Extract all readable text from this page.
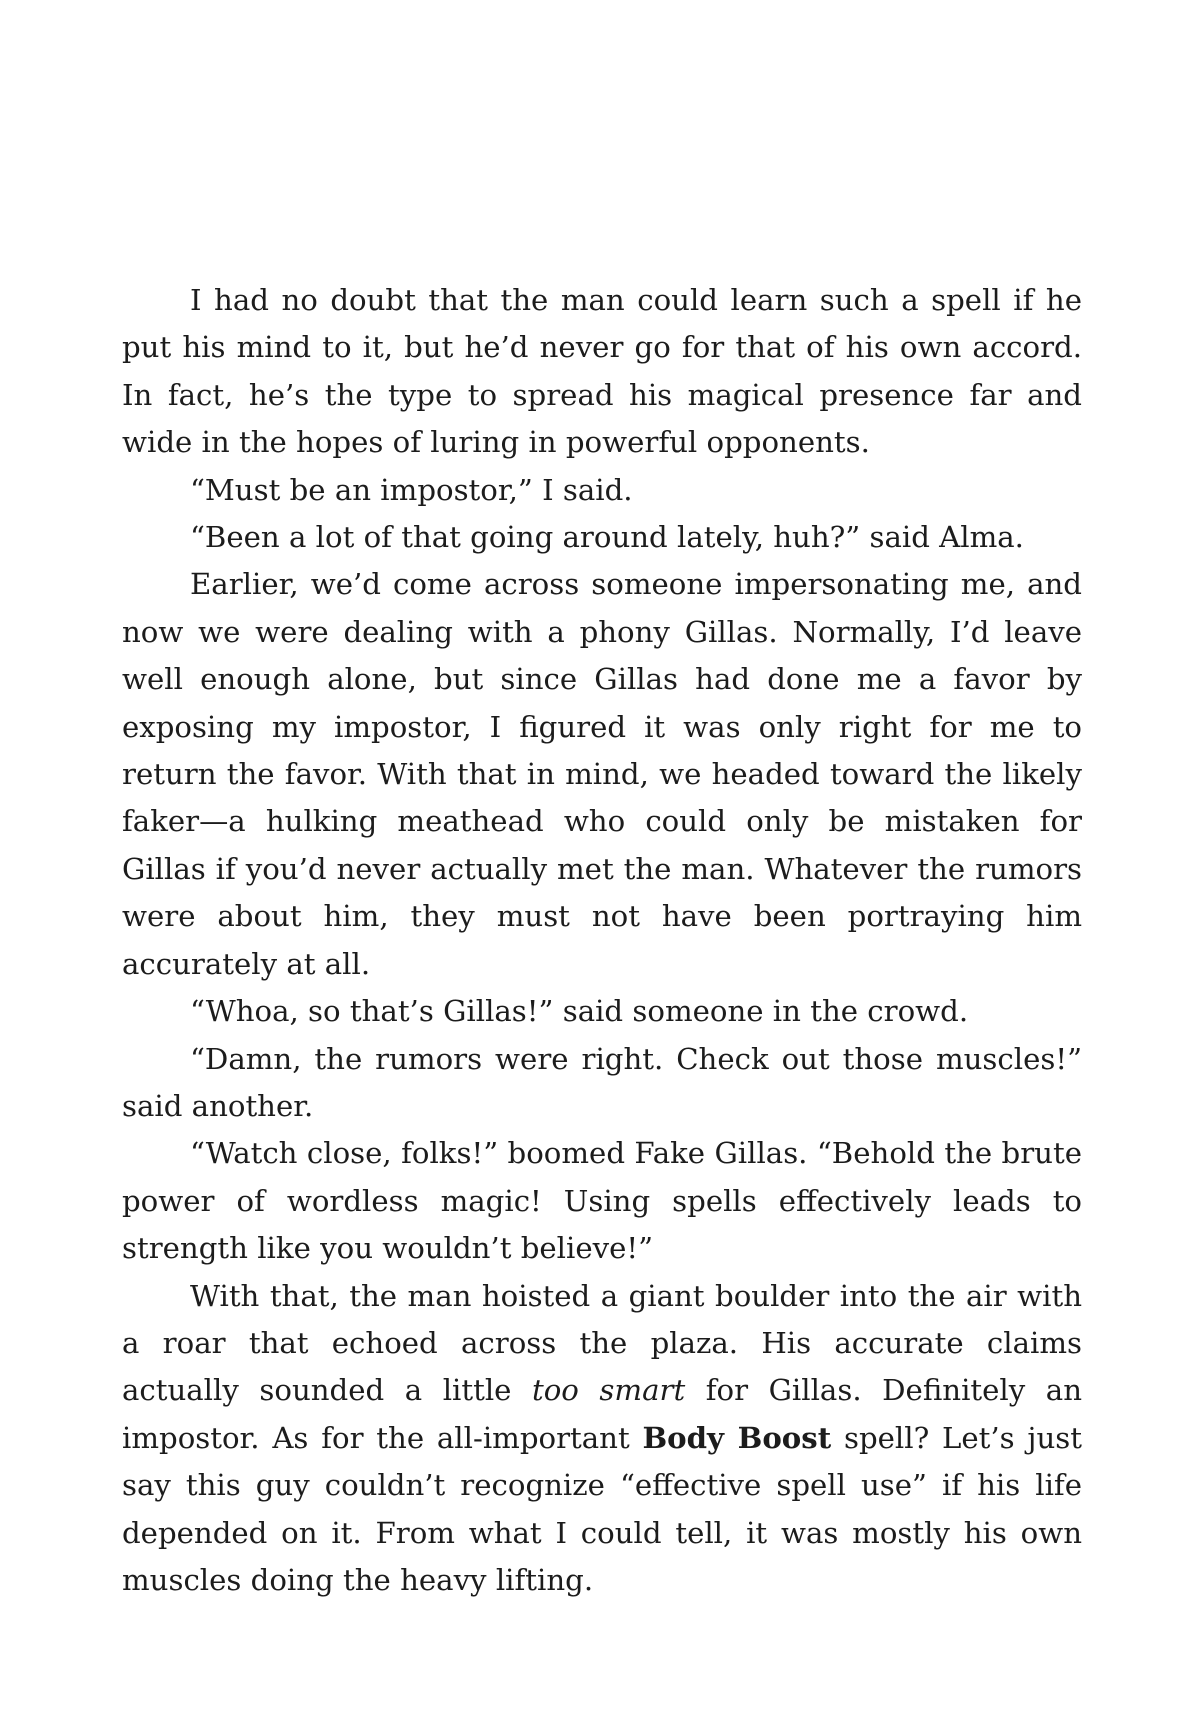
I had no doubt that the man could learn such a spell if he put his mind to it, but he’d never go for that of his own accord. In fact, he’s the type to spread his magical presence far and wide in the hopes of luring in powerful opponents.

“Must be an impostor,” I said.

“Been a lot of that going around lately, huh?” said Alma.

Earlier, we’d come across someone impersonating me, and now we were dealing with a phony Gillas. Normally, I’d leave well enough alone, but since Gillas had done me a favor by exposing my impostor, I figured it was only right for me to return the favor. With that in mind, we headed toward the likely faker—a hulking meathead who could only be mistaken for Gillas if you’d never actually met the man. Whatever the rumors were about him, they must not have been portraying him accurately at all.

“Whoa, so that’s Gillas!” said someone in the crowd.

“Damn, the rumors were right. Check out those muscles!” said another.

“Watch close, folks!” boomed Fake Gillas. “Behold the brute power of wordless magic! Using spells effectively leads to strength like you wouldn’t believe!”

With that, the man hoisted a giant boulder into the air with a roar that echoed across the plaza. His accurate claims actually sounded a little too smart for Gillas. Definitely an impostor. As for the all-important Body Boost spell? Let’s just say this guy couldn’t recognize “effective spell use” if his life depended on it. From what I could tell, it was mostly his own muscles doing the heavy lifting.
